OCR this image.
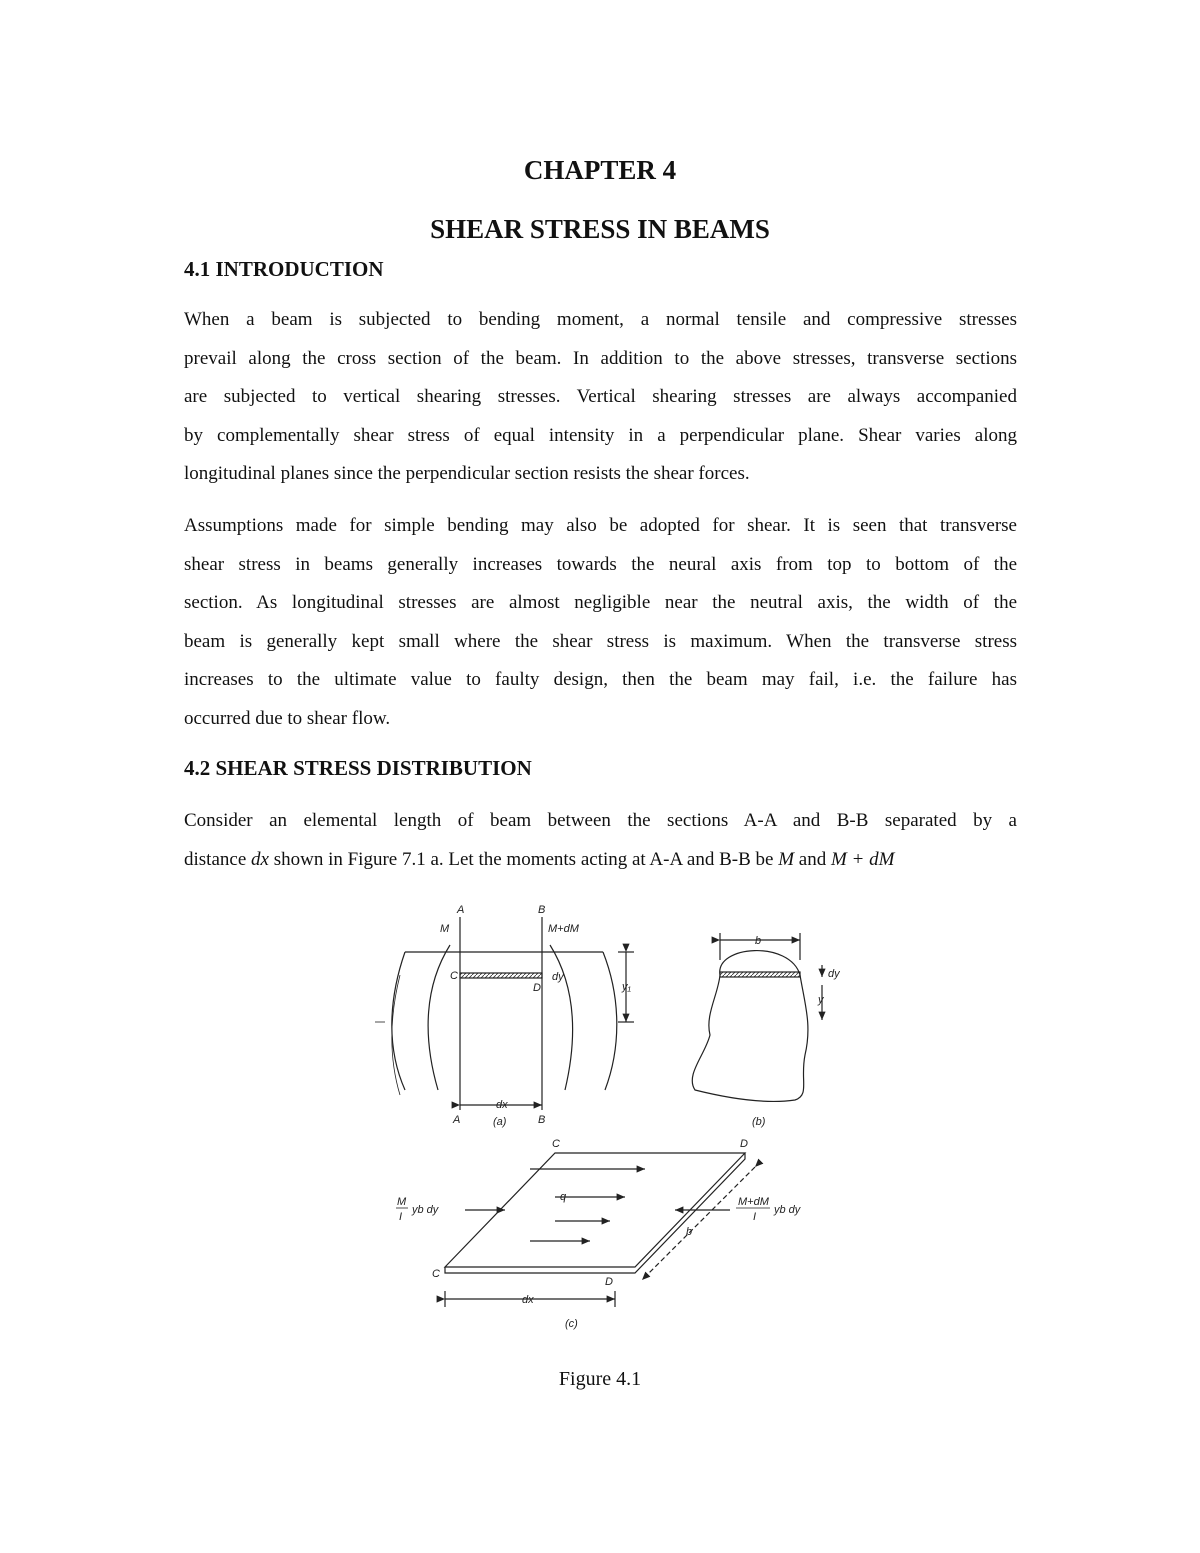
CHAPTER 4
SHEAR STRESS IN BEAMS
4.1 INTRODUCTION
When a beam is subjected to bending moment, a normal tensile and compressive stresses
prevail along the cross section of the beam. In addition to the above stresses, transverse sections
are subjected to vertical shearing stresses. Vertical shearing stresses are always accompanied
by complementally shear stress of equal intensity in a perpendicular plane. Shear varies along
longitudinal planes since the perpendicular section resists the shear forces.
Assumptions made for simple bending may also be adopted for shear. It is seen that transverse
shear stress in beams generally increases towards the neural axis from top to bottom of the
section. As longitudinal stresses are almost negligible near the neutral axis, the width of the
beam is generally kept small where the shear stress is maximum. When the transverse stress
increases to the ultimate value to faulty design, then the beam may fail, i.e. the failure has
occurred due to shear flow.
4.2 SHEAR STRESS DISTRIBUTION
Consider an elemental length of beam between the sections A-A and B-B separated by a
distance dx shown in Figure 7.1 a. Let the moments acting at A-A and B-B be M and M + dM
A	B
M	M+dM
C
D
dy
y₁
A	B
dx
(a)
b
dy
y
(b)
C	D
q
C
D
b
dx
(c)
M
I
yb dy
M+dM
I
yb dy
Figure 4.1
